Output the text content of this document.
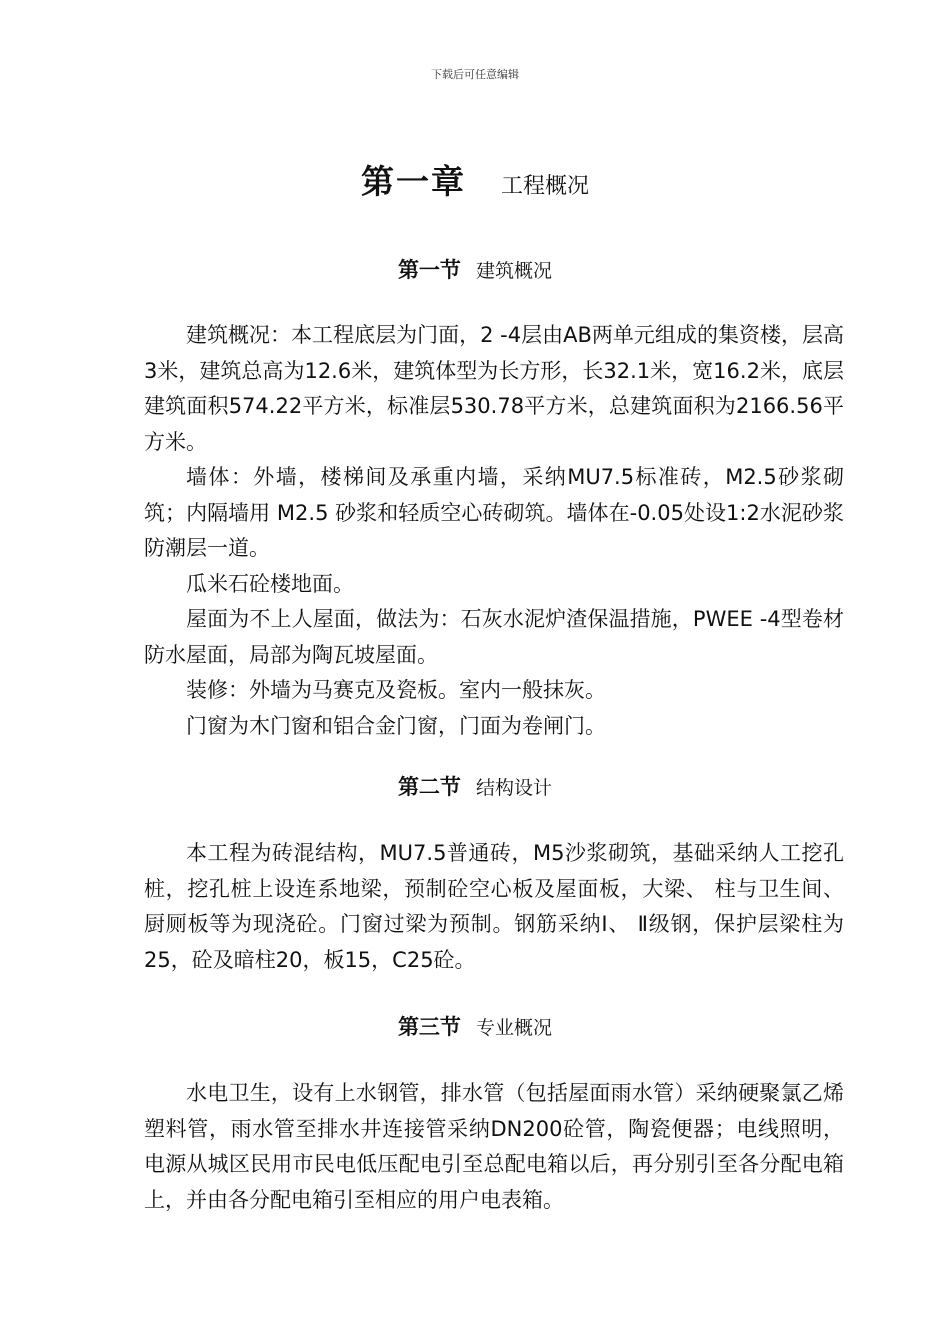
下载后可任意编辑
第一章 工程概况
第一节 建筑概况

建筑概况：本工程底层为门面，2 -4层由AB两单元组成的集资楼，层高3米，建筑总高为12.6米，建筑体型为长方形，长32.1米，宽16.2米，底层建筑面积574.22平方米，标准层530.78平方米，总建筑面积为2166.56平方米。

墙体：外墙，楼梯间及承重内墙，采纳MU7.5标准砖，M2.5砂浆砌筑；内隔墙用 M2.5 砂浆和轻质空心砖砌筑。墙体在-0.05处设1:2水泥砂浆防潮层一道。

瓜米石砼楼地面。

屋面为不上人屋面，做法为：石灰水泥炉渣保温措施，PWEE -4型卷材防水屋面，局部为陶瓦坡屋面。

装修：外墙为马赛克及瓷板。室内一般抹灰。

门窗为木门窗和铝合金门窗，门面为卷闸门。

第二节 结构设计

本工程为砖混结构，MU7.5普通砖，M5沙浆砌筑，基础采纳人工挖孔桩，挖孔桩上设连系地梁，预制砼空心板及屋面板，大梁、 柱与卫生间、 厨厕板等为现浇砼。门窗过梁为预制。钢筋采纳Ⅰ、 Ⅱ级钢，保护层梁柱为25，砼及暗柱20，板15，C25砼。

第三节 专业概况

水电卫生，设有上水钢管，排水管（包括屋面雨水管）采纳硬聚氯乙烯塑料管，雨水管至排水井连接管采纳DN200砼管，陶瓷便器；电线照明，电源从城区民用市民电低压配电引至总配电箱以后，再分别引至各分配电箱上，并由各分配电箱引至相应的用户电表箱。
